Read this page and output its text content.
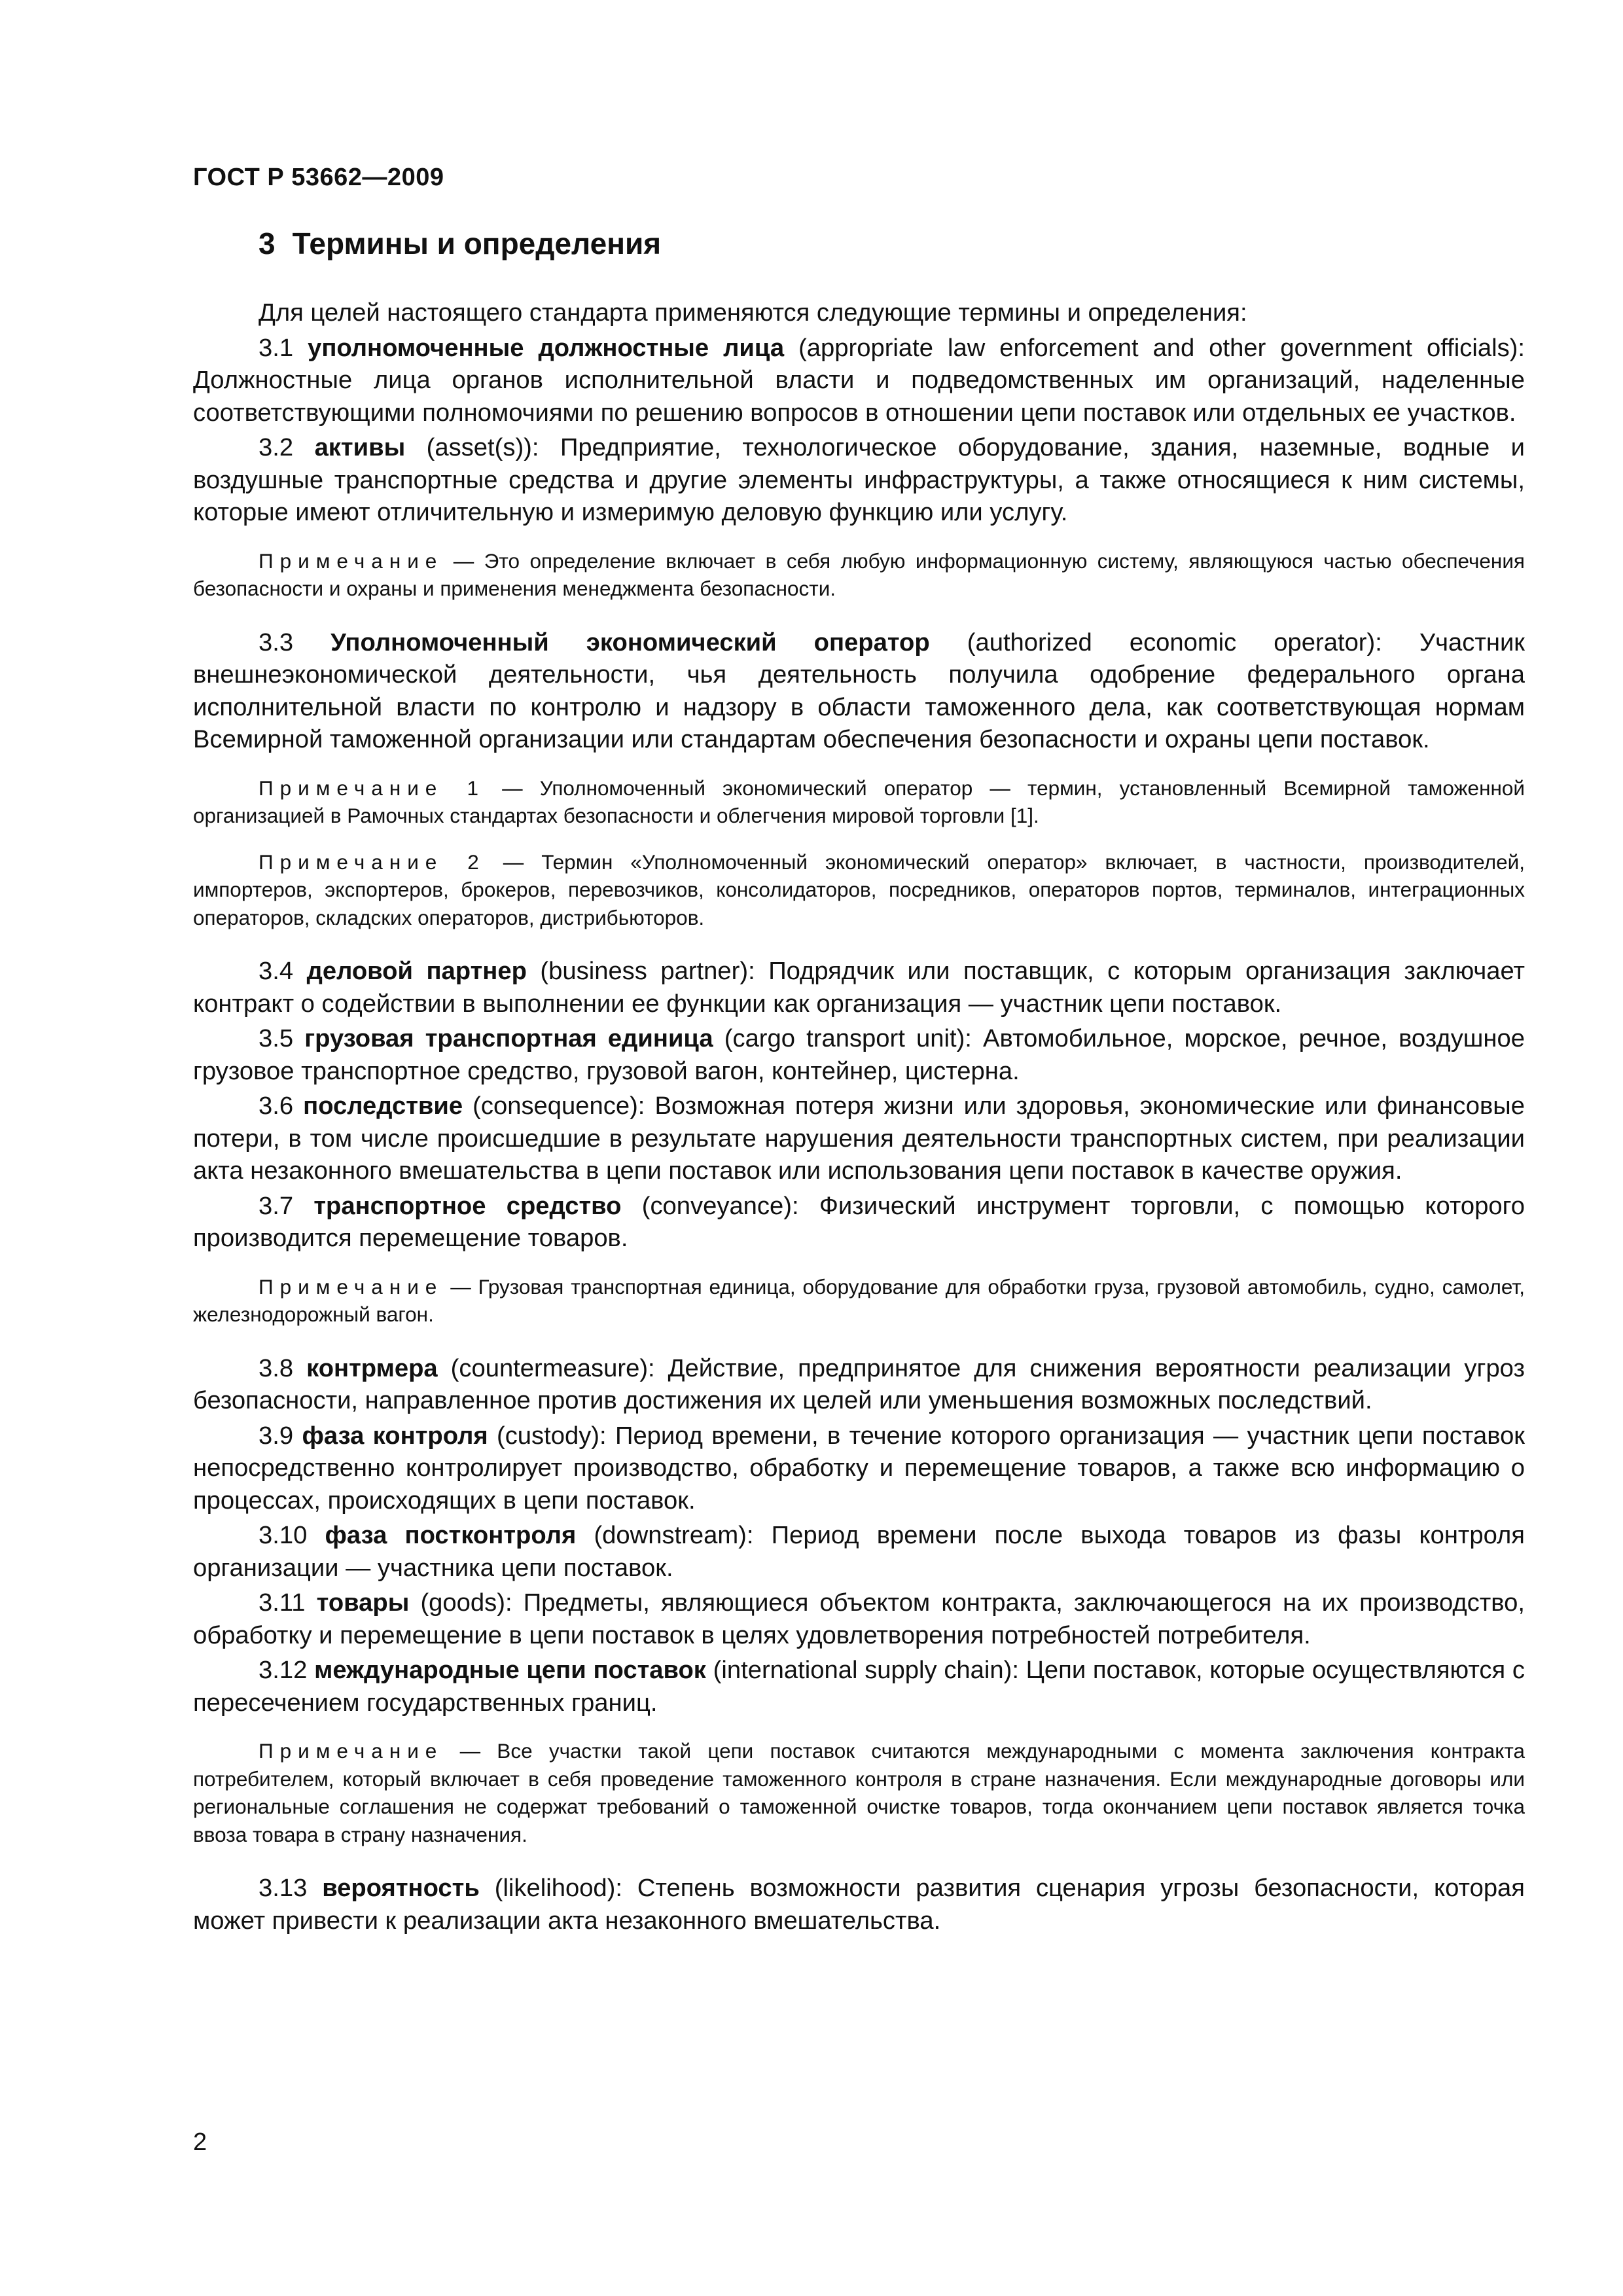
ГОСТ Р 53662—2009
3 Термины и определения

Для целей настоящего стандарта применяются следующие термины и определения:

3.1 уполномоченные должностные лица (appropriate law enforcement and other government officials): Должностные лица органов исполнительной власти и подведомственных им организаций, наделенные соответствующими полномочиями по решению вопросов в отношении цепи поставок или отдельных ее участков.

3.2 активы (asset(s)): Предприятие, технологическое оборудование, здания, наземные, водные и воздушные транспортные средства и другие элементы инфраструктуры, а также относящиеся к ним системы, которые имеют отличительную и измеримую деловую функцию или услугу.

Примечание — Это определение включает в себя любую информационную систему, являющуюся частью обеспечения безопасности и охраны и применения менеджмента безопасности.

3.3 Уполномоченный экономический оператор (authorized economic operator): Участник внешнеэкономической деятельности, чья деятельность получила одобрение федерального органа исполнительной власти по контролю и надзору в области таможенного дела, как соответствующая нормам Всемирной таможенной организации или стандартам обеспечения безопасности и охраны цепи поставок.

Примечание 1 — Уполномоченный экономический оператор — термин, установленный Всемирной таможенной организацией в Рамочных стандартах безопасности и облегчения мировой торговли [1].

Примечание 2 — Термин «Уполномоченный экономический оператор» включает, в частности, производителей, импортеров, экспортеров, брокеров, перевозчиков, консолидаторов, посредников, операторов портов, терминалов, интеграционных операторов, складских операторов, дистрибьюторов.

3.4 деловой партнер (business partner): Подрядчик или поставщик, с которым организация заключает контракт о содействии в выполнении ее функции как организация — участник цепи поставок.

3.5 грузовая транспортная единица (cargo transport unit): Автомобильное, морское, речное, воздушное грузовое транспортное средство, грузовой вагон, контейнер, цистерна.

3.6 последствие (consequence): Возможная потеря жизни или здоровья, экономические или финансовые потери, в том числе происшедшие в результате нарушения деятельности транспортных систем, при реализации акта незаконного вмешательства в цепи поставок или использования цепи поставок в качестве оружия.

3.7 транспортное средство (conveyance): Физический инструмент торговли, с помощью которого производится перемещение товаров.

Примечание — Грузовая транспортная единица, оборудование для обработки груза, грузовой автомобиль, судно, самолет, железнодорожный вагон.

3.8 контрмера (countermeasure): Действие, предпринятое для снижения вероятности реализации угроз безопасности, направленное против достижения их целей или уменьшения возможных последствий.

3.9 фаза контроля (custody): Период времени, в течение которого организация — участник цепи поставок непосредственно контролирует производство, обработку и перемещение товаров, а также всю информацию о процессах, происходящих в цепи поставок.

3.10 фаза постконтроля (downstream): Период времени после выхода товаров из фазы контроля организации — участника цепи поставок.

3.11 товары (goods): Предметы, являющиеся объектом контракта, заключающегося на их производство, обработку и перемещение в цепи поставок в целях удовлетворения потребностей потребителя.

3.12 международные цепи поставок (international supply chain): Цепи поставок, которые осуществляются с пересечением государственных границ.

Примечание — Все участки такой цепи поставок считаются международными с момента заключения контракта потребителем, который включает в себя проведение таможенного контроля в стране назначения. Если международные договоры или региональные соглашения не содержат требований о таможенной очистке товаров, тогда окончанием цепи поставок является точка ввоза товара в страну назначения.

3.13 вероятность (likelihood): Степень возможности развития сценария угрозы безопасности, которая может привести к реализации акта незаконного вмешательства.

2
